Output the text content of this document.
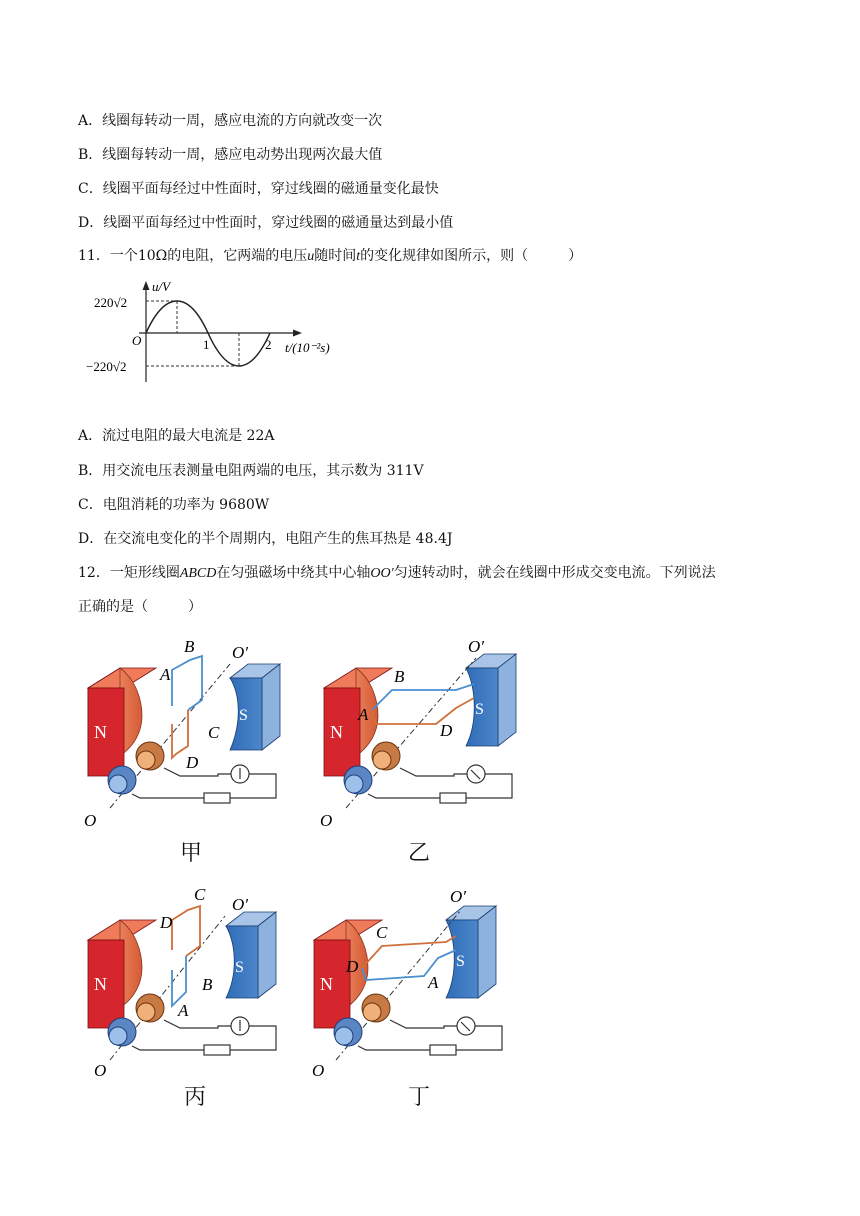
A．线圈每转动一周，感应电流的方向就改变一次
B．线圈每转动一周，感应电动势出现两次最大值
C．线圈平面每经过中性面时，穿过线圈的磁通量变化最快
D．线圈平面每经过中性面时，穿过线圈的磁通量达到最小值
11．一个10Ω的电阻，它两端的电压u随时间t的变化规律如图所示，则（	）
u/V
220√2
O	1	2 t/(10⁻²s)
−220√2
A．流过电阻的最大电流是 22A
B．用交流电压表测量电阻两端的电压，其示数为 311V
C．电阻消耗的功率为 9680W
D．在交流电变化的半个周期内，电阻产生的焦耳热是 48.4J
12．一矩形线圈ABCD在匀强磁场中绕其中心轴OO′匀速转动时，就会在线圈中形成交变电流。下列说法
正确的是（	）
N
S
B
A
C
D
O′
O
甲
N
S
B
A
D
O′
O
乙
N
S
C
D
B
A
O′
O
丙
N
S
C
D
A
O′
O
丁
